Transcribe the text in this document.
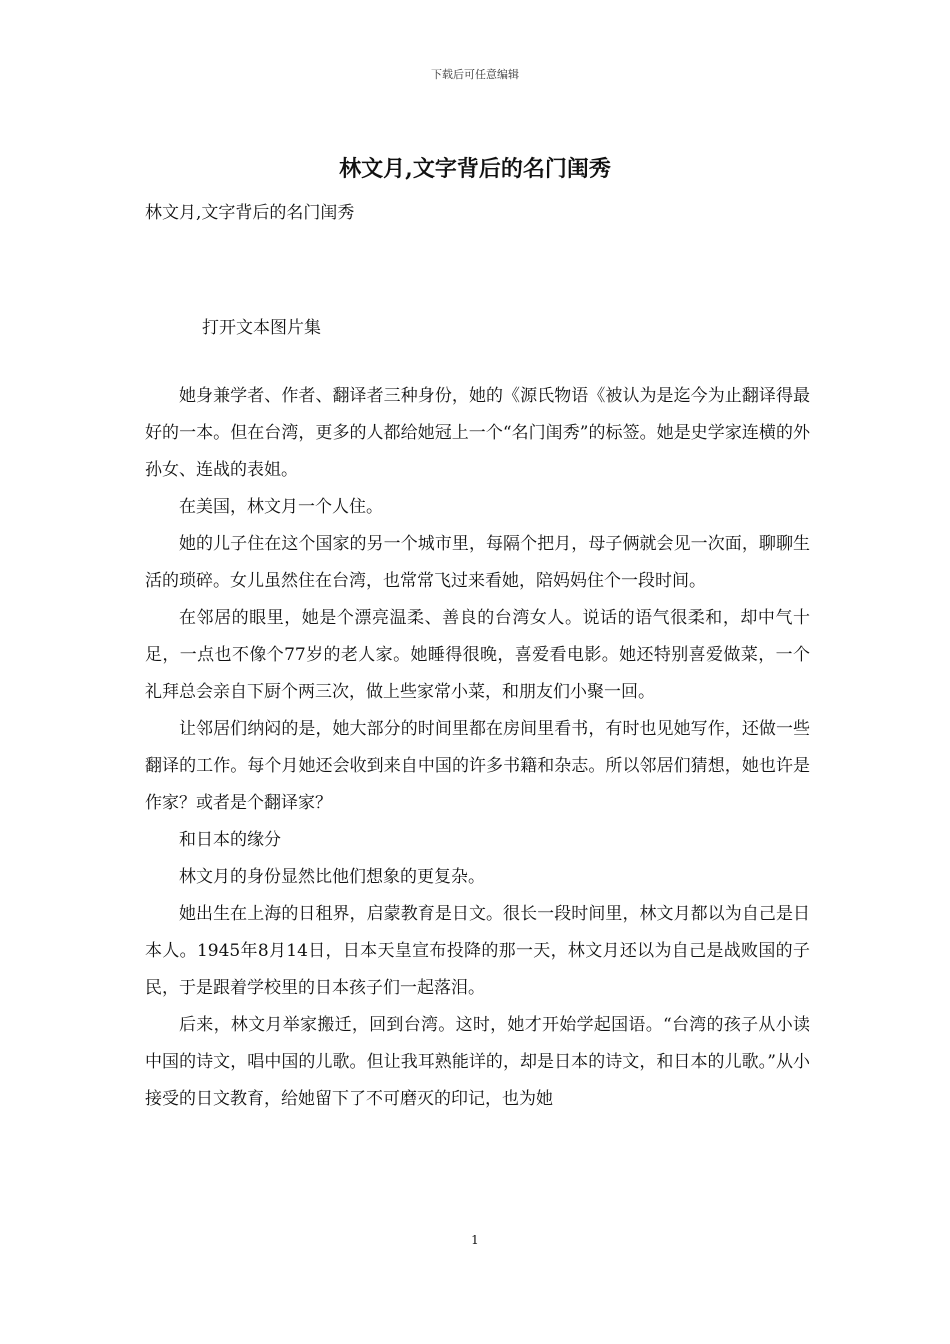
下载后可任意编辑
林文月,文字背后的名门闺秀
林文月,文字背后的名门闺秀
打开文本图片集

她身兼学者、作者、翻译者三种身份，她的《源氏物语《被认为是迄今为止翻译得最好的一本。但在台湾，更多的人都给她冠上一个“名门闺秀”的标签。她是史学家连横的外孙女、连战的表姐。

在美国，林文月一个人住。

她的儿子住在这个国家的另一个城市里，每隔个把月，母子俩就会见一次面，聊聊生活的琐碎。女儿虽然住在台湾，也常常飞过来看她，陪妈妈住个一段时间。

在邻居的眼里，她是个漂亮温柔、善良的台湾女人。说话的语气很柔和，却中气十足，一点也不像个77岁的老人家。她睡得很晚，喜爱看电影。她还特别喜爱做菜，一个礼拜总会亲自下厨个两三次，做上些家常小菜，和朋友们小聚一回。

让邻居们纳闷的是，她大部分的时间里都在房间里看书，有时也见她写作，还做一些翻译的工作。每个月她还会收到来自中国的许多书籍和杂志。所以邻居们猜想，她也许是作家？或者是个翻译家？

和日本的缘分

林文月的身份显然比他们想象的更复杂。

她出生在上海的日租界，启蒙教育是日文。很长一段时间里，林文月都以为自己是日本人。1945年8月14日，日本天皇宣布投降的那一天，林文月还以为自己是战败国的子民，于是跟着学校里的日本孩子们一起落泪。

后来，林文月举家搬迁，回到台湾。这时，她才开始学起国语。“台湾的孩子从小读中国的诗文，唱中国的儿歌。但让我耳熟能详的，却是日本的诗文，和日本的儿歌。”从小接受的日文教育，给她留下了不可磨灭的印记，也为她

1
